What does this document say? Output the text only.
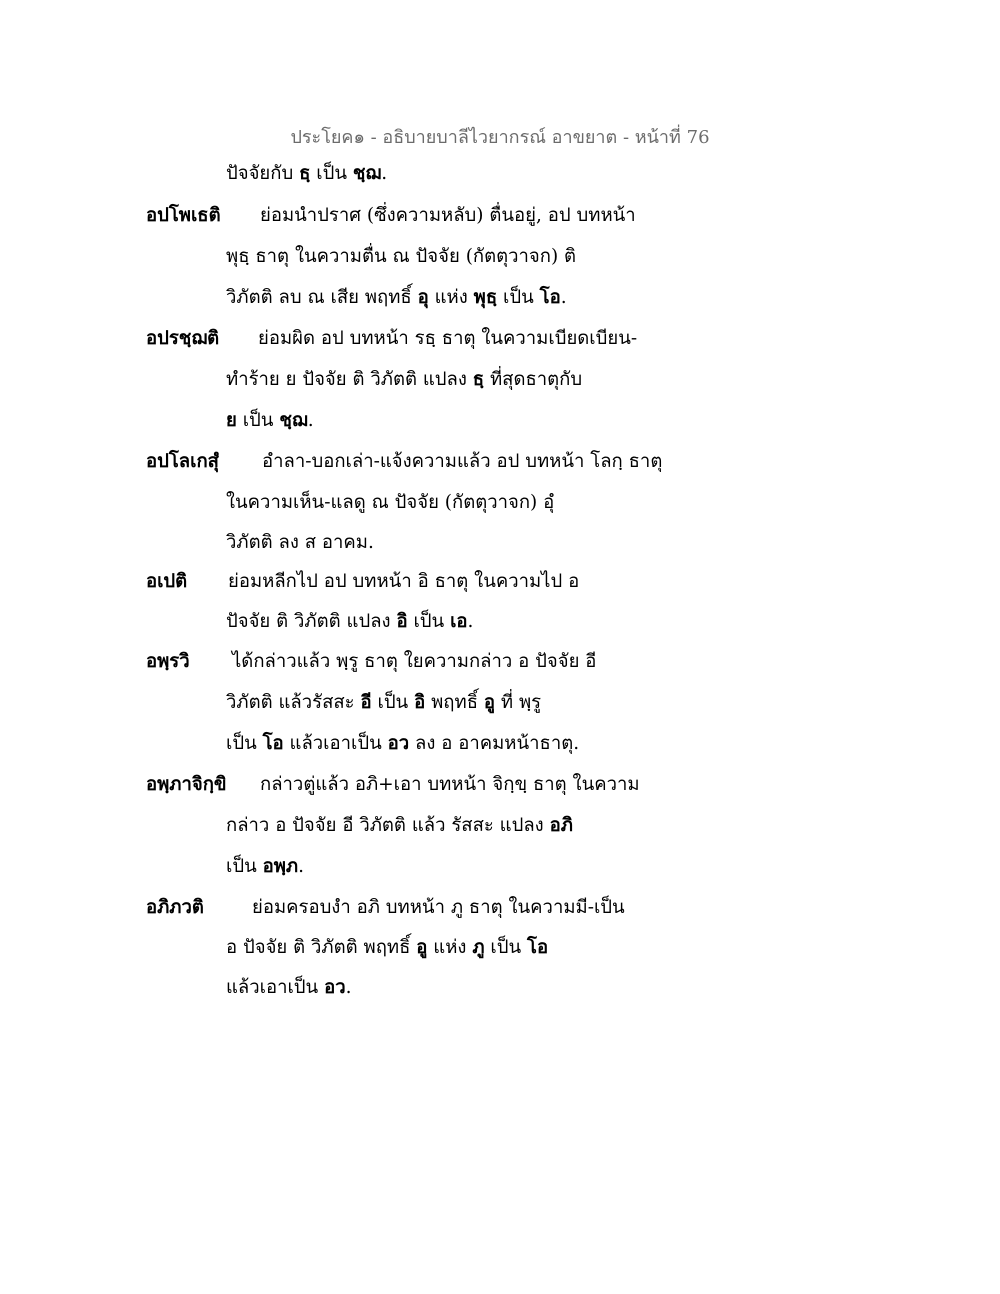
ประโยค๑ - อธิบายบาลีไวยากรณ์ อาขยาต - หน้าที่ 76
ปัจจัยกับ ธฺ เป็น ชฺฌ.
อปโพเธติ ย่อมนำปราศ (ซึ่งความหลับ) ตื่นอยู่, อป บทหน้า
พุธฺ ธาตุ ในความตื่น ณ ปัจจัย (กัตตุวาจก) ติ
วิภัตติ ลบ ณ เสีย พฤทธิ์ อุ แห่ง พุธฺ เป็น โอ.
อปรชฺฌติ ย่อมผิด อป บทหน้า รธฺ ธาตุ ในความเบียดเบียน-
ทำร้าย ย ปัจจัย ติ วิภัตติ แปลง ธฺ ที่สุดธาตุกับ
ย เป็น ชฺฌ.
อปโลเกสุํ อำลา-บอกเล่า-แจ้งความแล้ว อป บทหน้า โลกฺ ธาตุ
ในความเห็น-แลดู ณ ปัจจัย (กัตตุวาจก) อุํ
วิภัตติ ลง ส อาคม.
อเปติ ย่อมหลีกไป อป บทหน้า อิ ธาตุ ในความไป อ
ปัจจัย ติ วิภัตติ แปลง อิ เป็น เอ.
อพฺรวิ ได้กล่าวแล้ว พฺรู ธาตุ ใยความกล่าว อ ปัจจัย อี
วิภัตติ แล้วรัสสะ อี เป็น อิ พฤทธิ์ อู ที่ พฺรู
เป็น โอ แล้วเอาเป็น อว ลง อ อาคมหน้าธาตุ.
อพฺภาจิกฺขิ กล่าวตู่แล้ว อภิ+เอา บทหน้า จิกฺขฺ ธาตุ ในความ
กล่าว อ ปัจจัย อี วิภัตติ แล้ว รัสสะ แปลง อภิ
เป็น อพฺภ.
อภิภวติ	ย่อมครอบงำ อภิ บทหน้า ภู ธาตุ ในความมี-เป็น
อ ปัจจัย ติ วิภัตติ พฤทธิ์ อู แห่ง ภู เป็น โอ
แล้วเอาเป็น อว.
